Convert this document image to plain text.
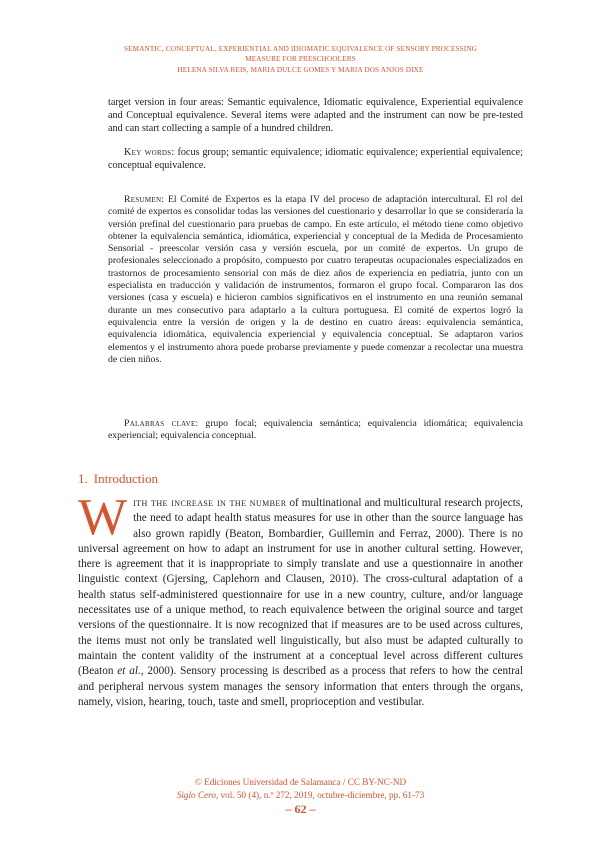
SEMANTIC, CONCEPTUAL, EXPERIENTIAL AND IDIOMATIC EQUIVALENCE OF SENSORY PROCESSING
MEASURE FOR PRESCHOOLERS
HELENA SILVA REIS, MARIA DULCE GOMES Y MARIA DOS ANJOS DIXE

target version in four areas: Semantic equivalence, Idiomatic equivalence, Experiential equivalence and Conceptual equivalence. Several items were adapted and the instrument can now be pre-tested and can start collecting a sample of a hundred children.

Key words: focus group; semantic equivalence; idiomatic equivalence; experiential equivalence; conceptual equivalence.

Resumen: El Comité de Expertos es la etapa IV del proceso de adaptación intercultural. El rol del comité de expertos es consolidar todas las versiones del cuestionario y desarrollar lo que se consideraría la versión prefinal del cuestionario para pruebas de campo. En este artículo, el método tiene como objetivo obtener la equivalencia semántica, idiomática, experiencial y conceptual de la Medida de Procesamiento Sensorial - preescolar versión casa y versión escuela, por un comité de expertos. Un grupo de profesionales seleccionado a propósito, compuesto por cuatro terapeutas ocupacionales especializados en trastornos de procesamiento sensorial con más de diez años de experiencia en pediatría, junto con un especialista en traducción y validación de instrumentos, formaron el grupo focal. Compararon las dos versiones (casa y escuela) e hicieron cambios significativos en el instrumento en una reunión semanal durante un mes consecutivo para adaptarlo a la cultura portuguesa. El comité de expertos logró la equivalencia entre la versión de origen y la de destino en cuatro áreas: equivalencia semántica, equivalencia idiomática, equivalencia experiencial y equivalencia conceptual. Se adaptaron varios elementos y el instrumento ahora puede probarse previamente y puede comenzar a recolectar una muestra de cien niños.

Palabras clave: grupo focal; equivalencia semántica; equivalencia idiomática; equivalencia experiencial; equivalencia conceptual.

1. Introduction

With the increase in the number of multinational and multicultural research projects, the need to adapt health status measures for use in other than the source language has also grown rapidly (Beaton, Bombardier, Guillemin and Ferraz, 2000). There is no universal agreement on how to adapt an instrument for use in another cultural setting. However, there is agreement that it is inappropriate to simply translate and use a questionnaire in another linguistic context (Gjersing, Caplehorn and Clausen, 2010). The cross-cultural adaptation of a health status self-administered questionnaire for use in a new country, culture, and/or language necessitates use of a unique method, to reach equivalence between the original source and target versions of the questionnaire. It is now recognized that if measures are to be used across cultures, the items must not only be translated well linguistically, but also must be adapted culturally to maintain the content validity of the instrument at a conceptual level across different cultures (Beaton et al., 2000). Sensory processing is described as a process that refers to how the central and peripheral nervous system manages the sensory information that enters through the organs, namely, vision, hearing, touch, taste and smell, proprioception and vestibular.

© Ediciones Universidad de Salamanca / CC BY-NC-ND
Siglo Cero, vol. 50 (4), n.º 272, 2019, octubre-diciembre, pp. 61-73
– 62 –
